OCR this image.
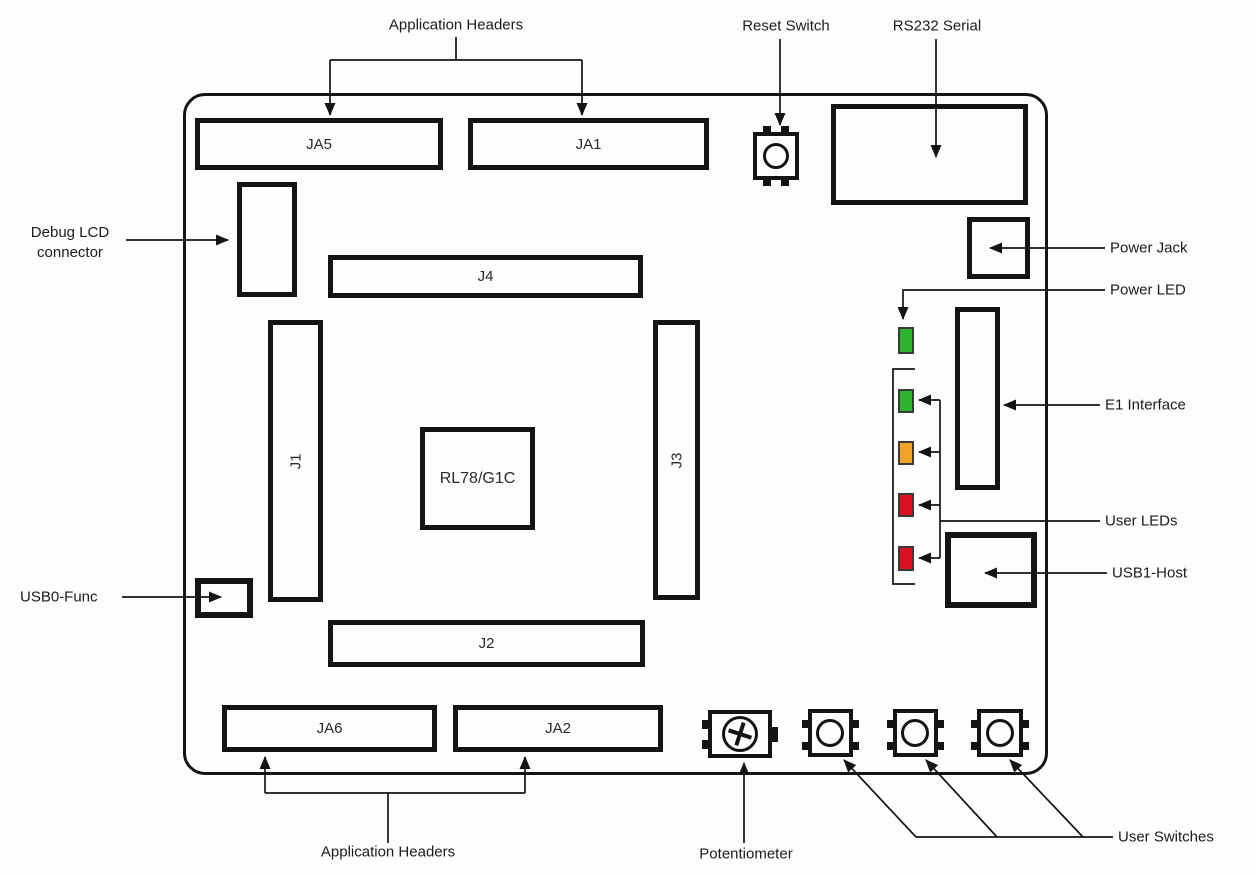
JA5	JA1
J4
J1	J3
RL78/G1C
J2
JA6	JA2
Application Headers	Reset Switch	RS232 Serial
Debug LCD
connector	Power Jack
Power LED
E1 Interface
User LEDs
USB1-Host
USB0-Func
Application Headers	Potentiometer
User Switches
